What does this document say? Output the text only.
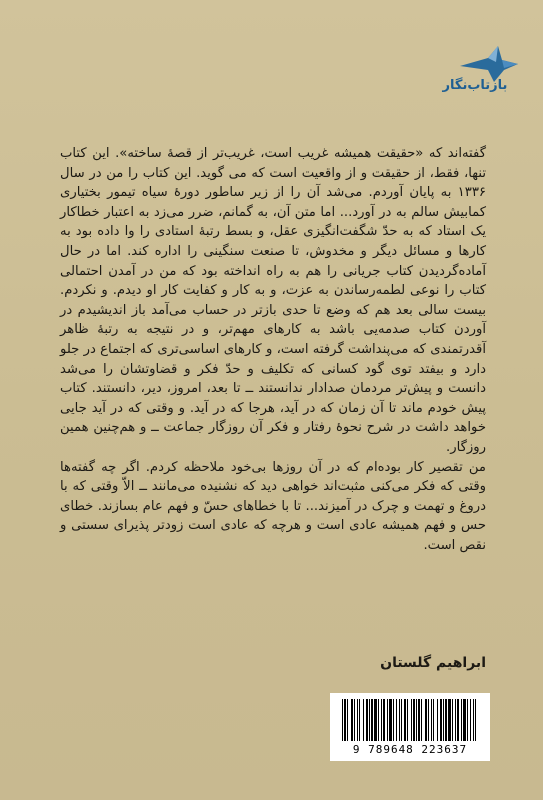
بازتاب‌نگار

گفته‌اند که «حقیقت همیشه غریب است، غریب‌تر از قصهٔ ساخته». این کتاب تنها، فقط، از حقیقت و از واقعیت است که می گوید. این کتاب را من در سال ۱۳۳۶ به پایان آوردم. می‌شد آن را از زیر ساطور دورهٔ سیاه تیمور بختیاری کمابیش سالم به در آورد... اما متن آن، به گمانم، ضرر می‌زد به اعتبار خطاکار یک استاد که به حدّ شگفت‌انگیزی عقل، و بسط رتبهٔ استادی را وا داده بود به کارها و مسائل دیگر و مخدوش، تا صنعت سنگینی را اداره کند. اما در حال آماده‌گردیدن کتاب جریانی را هم به راه انداخته بود که من در آمدن احتمالی کتاب را نوعی لطمه‌رساندن به عزت، و به کار و کفایت کار او دیدم. و نکردم. بیست سالی بعد هم که وضع تا حدی باز‌تر در حساب می‌آمد باز اندیشیدم در آوردن کتاب صدمه‌یی باشد به کارهای مهم‌تر، و در نتیجه به رتبهٔ ظاهر آقدرتمندی که می‌پنداشت گرفته است، و کارهای اساسی‌تری که اجتماع در جلو دارد و بیفتد توی گود کسانی که تکلیف و حدّ فکر و قضاوتشان را می‌شد دانست و پیش‌تر مردمان صدادار ندانستند ــ تا بعد، امروز، دیر، دانستند. کتاب پیش خودم ماند تا آن زمان که در آید، هرجا که در آید. و وقتی که در آید جایی خواهد داشت در شرح نحوهٔ رفتار و فکر آن روزگار جماعت ــ و هم‌چنین همین روزگار.

من تقصیر کار بوده‌ام که در آن روزها بی‌خود ملاحظه کردم. اگر چه گفته‌ها وقتی که فکر می‌کنی مثبت‌اند خواهی دید که نشنیده می‌مانند ــ الاّ وقتی که با دروغ و تهمت و چرک در آمیزند... تا با خطاهای حسّ و فهم عام بسازند. خطای حس و فهم همیشه عادی است و هرچه که عادی است زودتر پذیرای سستی و نقص است.

ابراهیم گلستان
9 789648 223637
